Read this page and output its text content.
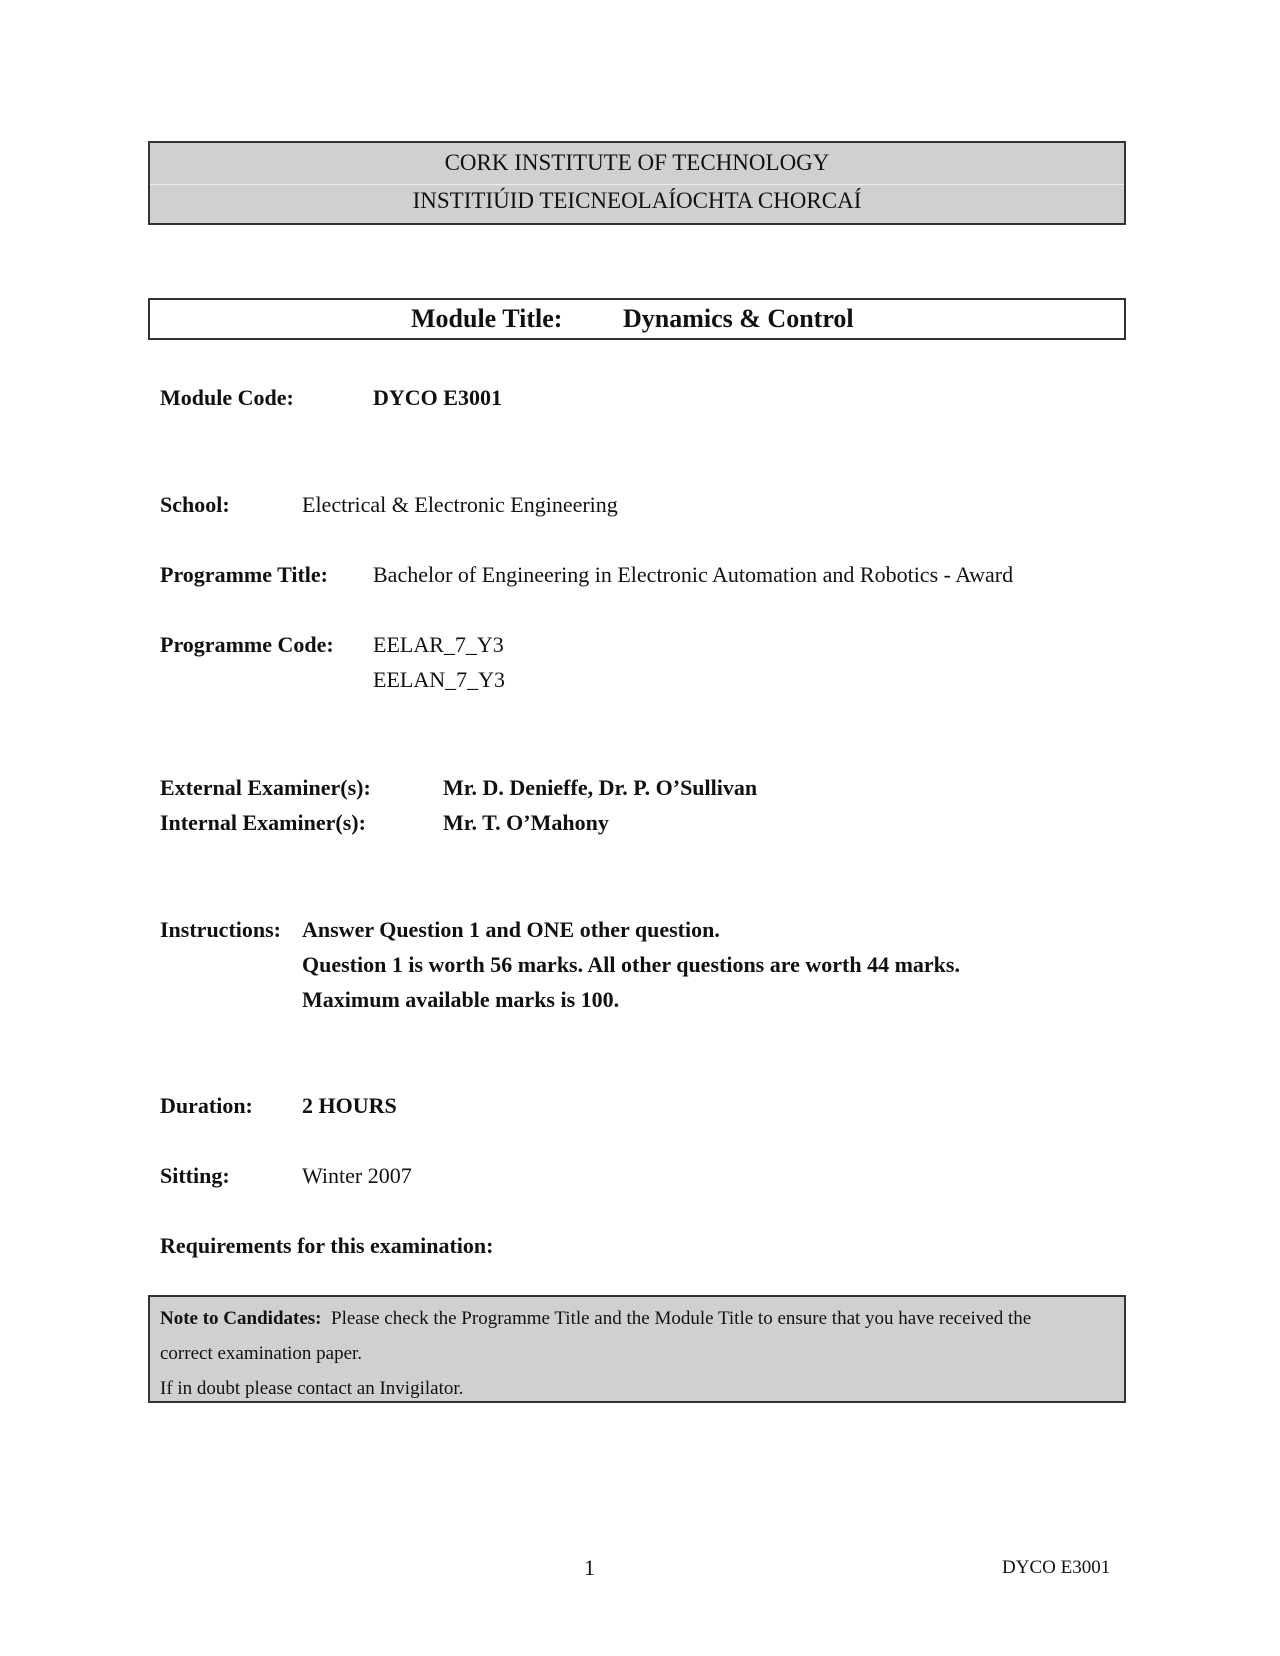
CORK INSTITUTE OF TECHNOLOGY
INSTITIÚID TEICNEOLAÍOCHTA CHORCAÍ
Module Title: Dynamics & Control
Module Code:	DYCO E3001
School:	Electrical & Electronic Engineering
Programme Title: Bachelor of Engineering in Electronic Automation and Robotics - Award
Programme Code: EELAR_7_Y3
EELAN_7_Y3
External Examiner(s):	Mr. D. Denieffe, Dr. P. O’Sullivan
Internal Examiner(s):	Mr. T. O’Mahony
Instructions: Answer Question 1 and ONE other question.
Question 1 is worth 56 marks. All other questions are worth 44 marks.
Maximum available marks is 100.
Duration: 2 HOURS
Sitting:	Winter 2007
Requirements for this examination:
Note to Candidates: Please check the Programme Title and the Module Title to ensure that you have received the
correct examination paper.
If in doubt please contact an Invigilator.
1	DYCO E3001
